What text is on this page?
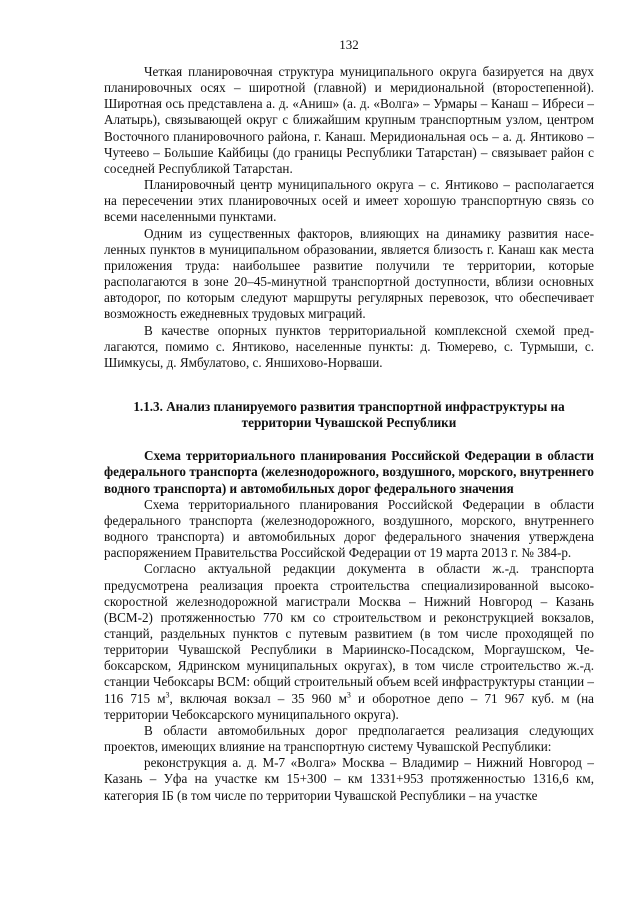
132

Четкая планировочная структура муниципального округа базируется на двух планировочных осях – широтной (главной) и меридиональной (второстепенной). Широтная ось представлена а. д. «Аниш» (а. д. «Волга» – Урмары – Канаш – Ибреси – Алатырь), связывающей округ с ближайшим крупным транспортным узлом, центром Восточного планировочного района, г. Канаш. Меридиональная ось – а. д. Янтиково – Чутеево – Большие Кайбицы (до границы Республики Татарстан) – связывает район с соседней Республикой Татарстан.

Планировочный центр муниципального округа – с. Янтиково – располагается на пересечении этих планировочных осей и имеет хорошую транспортную связь со всеми населенными пунктами.

Одним из существенных факторов, влияющих на динамику развития населенных пунктов в муниципальном образовании, является близость г. Канаш как места приложения труда: наибольшее развитие получили те территории, которые располагаются в зоне 20–45-минутной транспортной доступности, вблизи основных автодорог, по которым следуют маршруты регулярных перевозок, что обеспечивает возможность ежедневных трудовых миграций.

В качестве опорных пунктов территориальной комплексной схемой предлагаются, помимо с. Янтиково, населенные пункты: д. Тюмерево, с. Турмыши, с. Шимкусы, д. Ямбулатово, с. Яншихово-Норваши.

1.1.3. Анализ планируемого развития транспортной инфраструктуры на территории Чувашской Республики

Схема территориального планирования Российской Федерации в области федерального транспорта (железнодорожного, воздушного, морского, внутреннего водного транспорта) и автомобильных дорог федерального значения

Схема территориального планирования Российской Федерации в области федерального транспорта (железнодорожного, воздушного, морского, внутреннего водного транспорта) и автомобильных дорог федерального значения утверждена распоряжением Правительства Российской Федерации от 19 марта 2013 г. № 384-р.

Согласно актуальной редакции документа в области ж.-д. транспорта предусмотрена реализация проекта строительства специализированной высокоскоростной железнодорожной магистрали Москва – Нижний Новгород – Казань (ВСМ-2) протяженностью 770 км со строительством и реконструкцией вокзалов, станций, раздельных пунктов с путевым развитием (в том числе проходящей по территории Чувашской Республики в Мариинско-Посадском, Моргаушском, Чебоксарском, Ядринском муниципальных округах), в том числе строительство ж.-д. станции Чебоксары ВСМ: общий строительный объем всей инфраструктуры станции – 116 715 $м^3$, включая вокзал – 35 960 $м^3$ и оборотное депо – 71 967 куб. м (на территории Чебоксарского муниципального округа).

В области автомобильных дорог предполагается реализация следующих проектов, имеющих влияние на транспортную систему Чувашской Республики:

реконструкция а. д. М-7 «Волга» Москва – Владимир – Нижний Новгород – Казань – Уфа на участке км 15+300 – км 1331+953 протяженностью 1316,6 км, категория IБ (в том числе по территории Чувашской Республики – на участке
